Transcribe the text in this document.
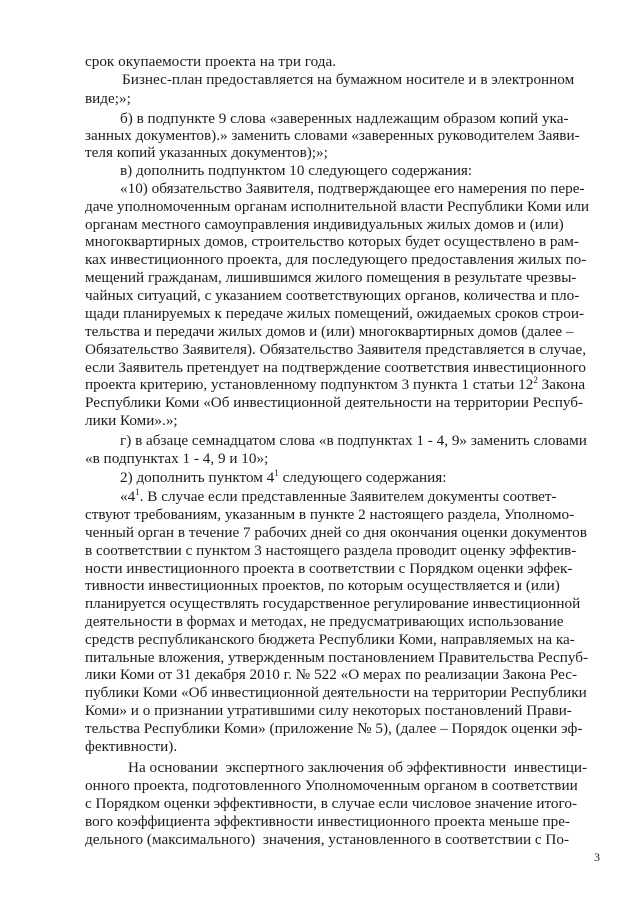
3
срок окупаемости проекта на три года.
Бизнес-план предоставляется на бумажном носителе и в электронном
виде;»;
б) в подпункте 9 слова «заверенных надлежащим образом копий ука-
занных документов).» заменить словами «заверенных руководителем Заяви-
теля копий указанных документов);»;
в) дополнить подпунктом 10 следующего содержания:
«10) обязательство Заявителя, подтверждающее его намерения по пере-
даче уполномоченным органам исполнительной власти Республики Коми или
органам местного самоуправления индивидуальных жилых домов и (или)
многоквартирных домов, строительство которых будет осуществлено в рам-
ках инвестиционного проекта, для последующего предоставления жилых по-
мещений гражданам, лишившимся жилого помещения в результате чрезвы-
чайных ситуаций, с указанием соответствующих органов, количества и пло-
щади планируемых к передаче жилых помещений, ожидаемых сроков строи-
тельства и передачи жилых домов и (или) многоквартирных домов (далее –
Обязательство Заявителя). Обязательство Заявителя представляется в случае,
если Заявитель претендует на подтверждение соответствия инвестиционного
проекта критерию, установленному подпунктом 3 пункта 1 статьи $12^2$ Закона
Республики Коми «Об инвестиционной деятельности на территории Респуб-
лики Коми».»;
г) в абзаце семнадцатом слова «в подпунктах 1 - 4, 9» заменить словами
«в подпунктах 1 - 4, 9 и 10»;
2) дополнить пунктом $4^1$ следующего содержания:
«$4^1$. В случае если представленные Заявителем документы соответ-
ствуют требованиям, указанным в пункте 2 настоящего раздела, Уполномо-
ченный орган в течение 7 рабочих дней со дня окончания оценки документов
в соответствии с пунктом 3 настоящего раздела проводит оценку эффектив-
ности инвестиционного проекта в соответствии с Порядком оценки эффек-
тивности инвестиционных проектов, по которым осуществляется и (или)
планируется осуществлять государственное регулирование инвестиционной
деятельности в формах и методах, не предусматривающих использование
средств республиканского бюджета Республики Коми, направляемых на ка-
питальные вложения, утвержденным постановлением Правительства Респуб-
лики Коми от 31 декабря 2010 г. № 522 «О мерах по реализации Закона Рес-
публики Коми «Об инвестиционной деятельности на территории Республики
Коми» и о признании утратившими силу некоторых постановлений Прави-
тельства Республики Коми» (приложение № 5), (далее – Порядок оценки эф-
фективности).
На основании  экспертного заключения об эффективности  инвестици-
онного проекта, подготовленного Уполномоченным органом в соответствии
с Порядком оценки эффективности, в случае если числовое значение итого-
вого коэффициента эффективности инвестиционного проекта меньше пре-
дельного (максимального)  значения, установленного в соответствии с По-
